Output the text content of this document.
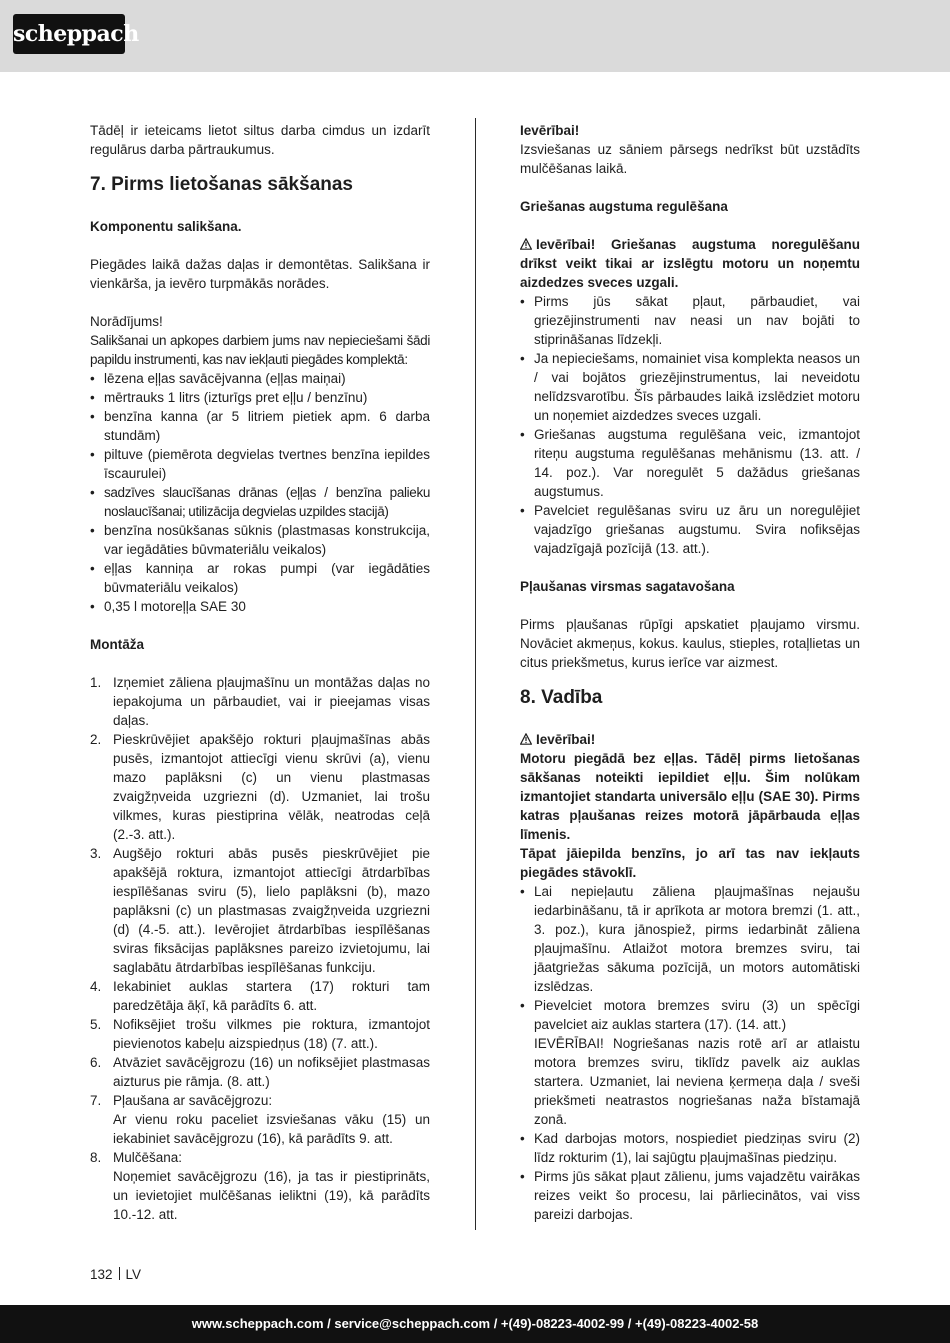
scheppach

Tādēļ ir ieteicams lietot siltus darba cimdus un izdarīt regulārus darba pārtraukumus.

7. Pirms lietošanas sākšanas

Komponentu salikšana.

Piegādes laikā dažas daļas ir demontētas. Salikšana ir vienkārša, ja ievēro turpmākās norādes.

Norādījums!

Salikšanai un apkopes darbiem jums nav nepieciešami šādi papildu instrumenti, kas nav iekļauti piegādes komplektā:

• lēzena eļļas savācējvanna (eļļas maiņai)
• mērtrauks 1 litrs (izturīgs pret eļļu / benzīnu)
• benzīna kanna (ar 5 litriem pietiek apm. 6 darba stundām)
• piltuve (piemērota degvielas tvertnes benzīna iepildes īscaurulei)
• sadzīves slaucīšanas drānas (eļļas / benzīna palieku noslaucīšanai; utilizācija degvielas uzpildes stacijā)
• benzīna nosūkšanas sūknis (plastmasas konstrukcija, var iegādāties būvmateriālu veikalos)
• eļļas kanniņa ar rokas pumpi (var iegādāties būvmateriālu veikalos)
• 0,35 l motoreļļa SAE 30

Montāža

1. Izņemiet zāliena pļaujmašīnu un montāžas daļas no iepakojuma un pārbaudiet, vai ir pieejamas visas daļas.
2. Pieskrūvējiet apakšējo rokturi pļaujmašīnas abās pusēs, izmantojot attiecīgi vienu skrūvi (a), vienu mazo paplāksni (c) un vienu plastmasas zvaigžņveida uzgriezni (d). Uzmaniet, lai trošu vilkmes, kuras piestiprina vēlāk, neatrodas ceļā (2.-3. att.).
3. Augšējo rokturi abās pusēs pieskrūvējiet pie apakšējā roktura, izmantojot attiecīgi ātrdarbības iespīlēšanas sviru (5), lielo paplāksni (b), mazo paplāksni (c) un plastmasas zvaigžņveida uzgriezni (d) (4.-5. att.). Ievērojiet ātrdarbības iespīlēšanas sviras fiksācijas paplāksnes pareizo izvietojumu, lai saglabātu ātrdarbības iespīlēšanas funkciju.
4. Iekabiniet auklas startera (17) rokturi tam paredzētāja āķī, kā parādīts 6. att.
5. Nofiksējiet trošu vilkmes pie roktura, izmantojot pievienotos kabeļu aizspiedņus (18) (7. att.).
6. Atvāziet savācējgrozu (16) un nofiksējiet plastmasas aizturus pie rāmja. (8. att.)
7. Pļaušana ar savācējgrozu:
Ar vienu roku paceliet izsviešanas vāku (15) un iekabiniet savācējgrozu (16), kā parādīts 9. att.
8. Mulčēšana:
Noņemiet savācējgrozu (16), ja tas ir piestiprināts, un ievietojiet mulčēšanas ieliktni (19), kā parādīts 10.-12. att.

Ievērībai!

Izsviešanas uz sāniem pārsegs nedrīkst būt uzstādīts mulčēšanas laikā.

Griešanas augstuma regulēšana

Ievērībai! Griešanas augstuma noregulēšanu drīkst veikt tikai ar izslēgtu motoru un noņemtu aizdedzes sveces uzgali.

• Pirms jūs sākat pļaut, pārbaudiet, vai griezējinstrumenti nav neasi un nav bojāti to stiprināšanas līdzekļi.
• Ja nepieciešams, nomainiet visa komplekta neasos un / vai bojātos griezējinstrumentus, lai neveidotu nelīdzsvarotību. Šīs pārbaudes laikā izslēdziet motoru un noņemiet aizdedzes sveces uzgali.
• Griešanas augstuma regulēšana veic, izmantojot riteņu augstuma regulēšanas mehānismu (13. att. / 14. poz.). Var noregulēt 5 dažādus griešanas augstumus.
• Pavelciet regulēšanas sviru uz āru un noregulējiet vajadzīgo griešanas augstumu. Svira nofiksējas vajadzīgajā pozīcijā (13. att.).

Pļaušanas virsmas sagatavošana

Pirms pļaušanas rūpīgi apskatiet pļaujamo virsmu. Novāciet akmeņus, kokus. kaulus, stieples, rotaļlietas un citus priekšmetus, kurus ierīce var aizmest.

8. Vadība

Ievērībai!

Motoru piegādā bez eļļas. Tādēļ pirms lietošanas sākšanas noteikti iepildiet eļļu. Šim nolūkam izmantojiet standarta universālo eļļu (SAE 30). Pirms katras pļaušanas reizes motorā jāpārbauda eļļas līmenis.

Tāpat jāiepilda benzīns, jo arī tas nav iekļauts piegādes stāvoklī.

• Lai nepieļautu zāliena pļaujmašīnas nejaušu iedarbināšanu, tā ir aprīkota ar motora bremzi (1. att., 3. poz.), kura jānospiež, pirms iedarbināt zāliena pļaujmašīnu. Atlaižot motora bremzes sviru, tai jāatgriežas sākuma pozīcijā, un motors automātiski izslēdzas.
• Pievelciet motora bremzes sviru (3) un spēcīgi pavelciet aiz auklas startera (17). (14. att.)
IEVĒRĪBAI! Nogriešanas nazis rotē arī ar atlaistu motora bremzes sviru, tiklīdz pavelk aiz auklas startera. Uzmaniet, lai neviena ķermeņa daļa / sveši priekšmeti neatrastos nogriešanas naža bīstamajā zonā.
• Kad darbojas motors, nospiediet piedziņas sviru (2) līdz rokturim (1), lai sajūgtu pļaujmašīnas piedziņu.
• Pirms jūs sākat pļaut zālienu, jums vajadzētu vairākas reizes veikt šo procesu, lai pārliecinātos, vai viss pareizi darbojas.
132 LV
www.scheppach.com / service@scheppach.com / +(49)-08223-4002-99 / +(49)-08223-4002-58
